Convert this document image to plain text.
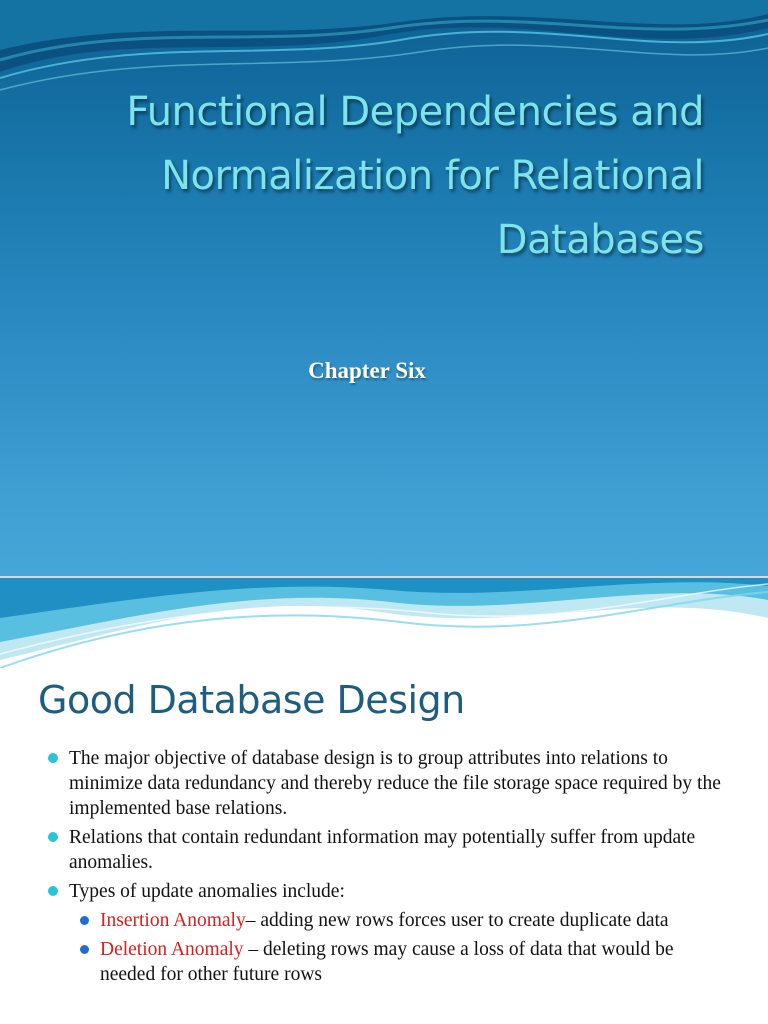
Functional Dependencies and
Normalization for Relational
Databases

Chapter Six

Good Database Design
The major objective of database design is to group attributes into relations to minimize data redundancy and thereby reduce the file storage space required by the implemented base relations.
Relations that contain redundant information may potentially suffer from update anomalies.
Types of update anomalies include:
Insertion Anomaly– adding new rows forces user to create duplicate data
Deletion Anomaly – deleting rows may cause a loss of data that would be needed for other future rows
